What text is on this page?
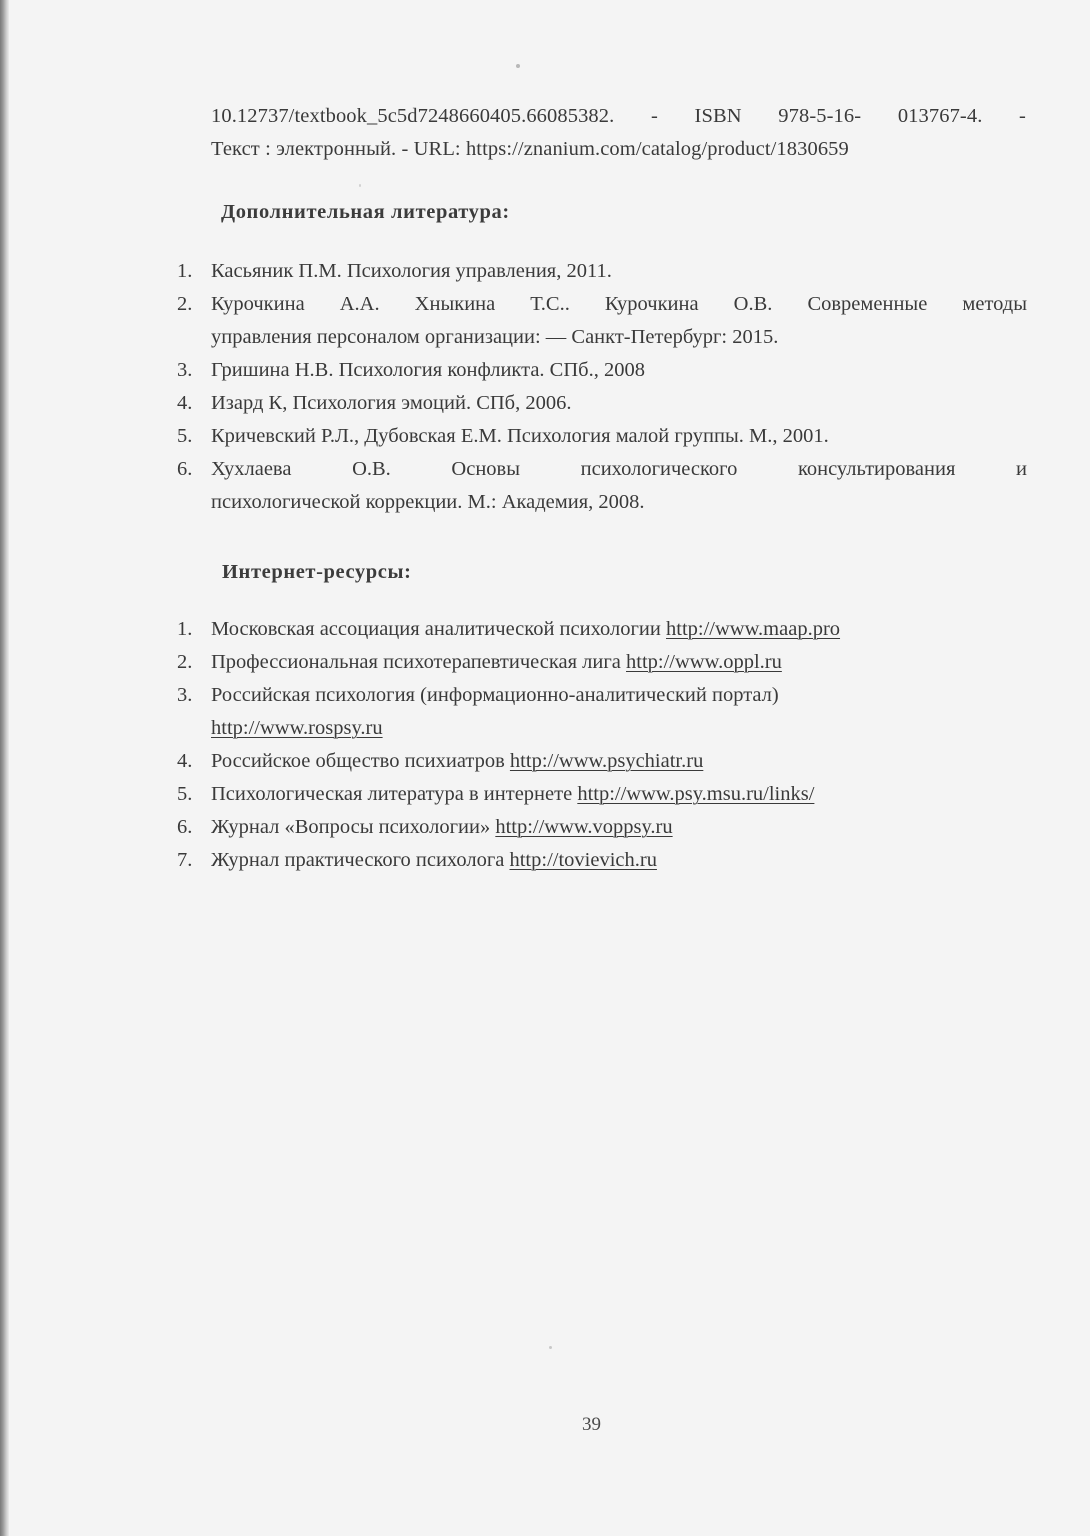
10.12737/textbook_5c5d7248660405.66085382. - ISBN 978-5-16- 013767-4. -
Текст : электронный. - URL: https://znanium.com/catalog/product/1830659
Дополнительная литература:
1. Касьяник П.М. Психология управления, 2011.
2. Курочкина А.А. Хныкина Т.С.. Курочкина О.В. Современные методы
управления персоналом организации: — Санкт-Петербург: 2015.
3. Гришина Н.В. Психология конфликта. СПб., 2008
4. Изард К, Психология эмоций. СПб, 2006.
5. Кричевский Р.Л., Дубовская Е.М. Психология малой группы. М., 2001.
6. Хухлаева О.В. Основы психологического консультирования и
психологической коррекции. М.: Академия, 2008.
Интернет-ресурсы:
1. Московская ассоциация аналитической психологии http://www.maap.pro
2. Профессиональная психотерапевтическая лига http://www.oppl.ru
3. Российская психология (информационно-аналитический портал)
http://www.rospsy.ru
4. Российское общество психиатров http://www.psychiatr.ru
5. Психологическая литература в интернете http://www.psy.msu.ru/links/
6. Журнал «Вопросы психологии» http://www.voppsy.ru
7. Журнал практического психолога http://tovievich.ru
39
